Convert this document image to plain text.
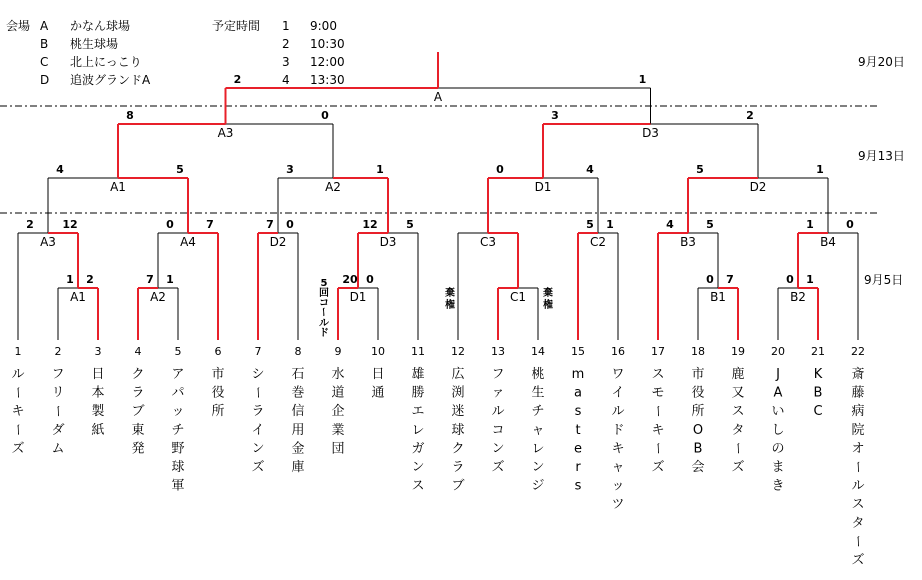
会場 A かなん球場
B 桃生球場
C 北上にっこり
D 追波グランドA
予定時間 1 9:00
2 10:30
3 12:00
4 13:30
9月20日
9月13日
9月5日
A1	A2	D1	C1	B1	B2
A3	A4	D2	D3	C3	C2	B3	B4
A1	A2	D1	D2
A3	D3
A
1 2	7 1	20 0	0 7	0 1
2	12	0	7	7 0	12	5	5 1	4	5	1	0
4	5	3	1	0	4	5	1
8	0	3	2
2	1
1	2	3	4	5	6	7	8	9	10 11 12 13 14 15 16 17 18 19 20 21 22
ル
ー
キ
ー
ズ
フ
リ
ー
ダ
ム
日
本
製
紙
ク
ラ
ブ
東
発
ア
パ
ッ
チ
野
球
軍
市
役
所
シ
ー
ラ
イ
ン
ズ
石
巻
信
用
金
庫
水
道
企
業
団
日
通
雄
勝
エ
レ
ガ
ン
ス
広
渕
迷
球
ク
ラ
ブ
フ
ァ
ル
コ
ン
ズ
桃
生
チ
ャ
レ
ン
ジ
m
a
s
t
e
r
s
ワ
イ
ル
ド
キ
ャ
ッ
ツ
ス
モ
ー
キ
ー
ズ
市
役
所
O
B
会
鹿
又
ス
タ
ー
ズ
J
A
い
し
の
ま
き
K
B
C
斎
藤
病
院
オ
ー
ル
ス
タ
ー
ズ
5
回
コ
ー
ル
ド
棄
権
棄
権
